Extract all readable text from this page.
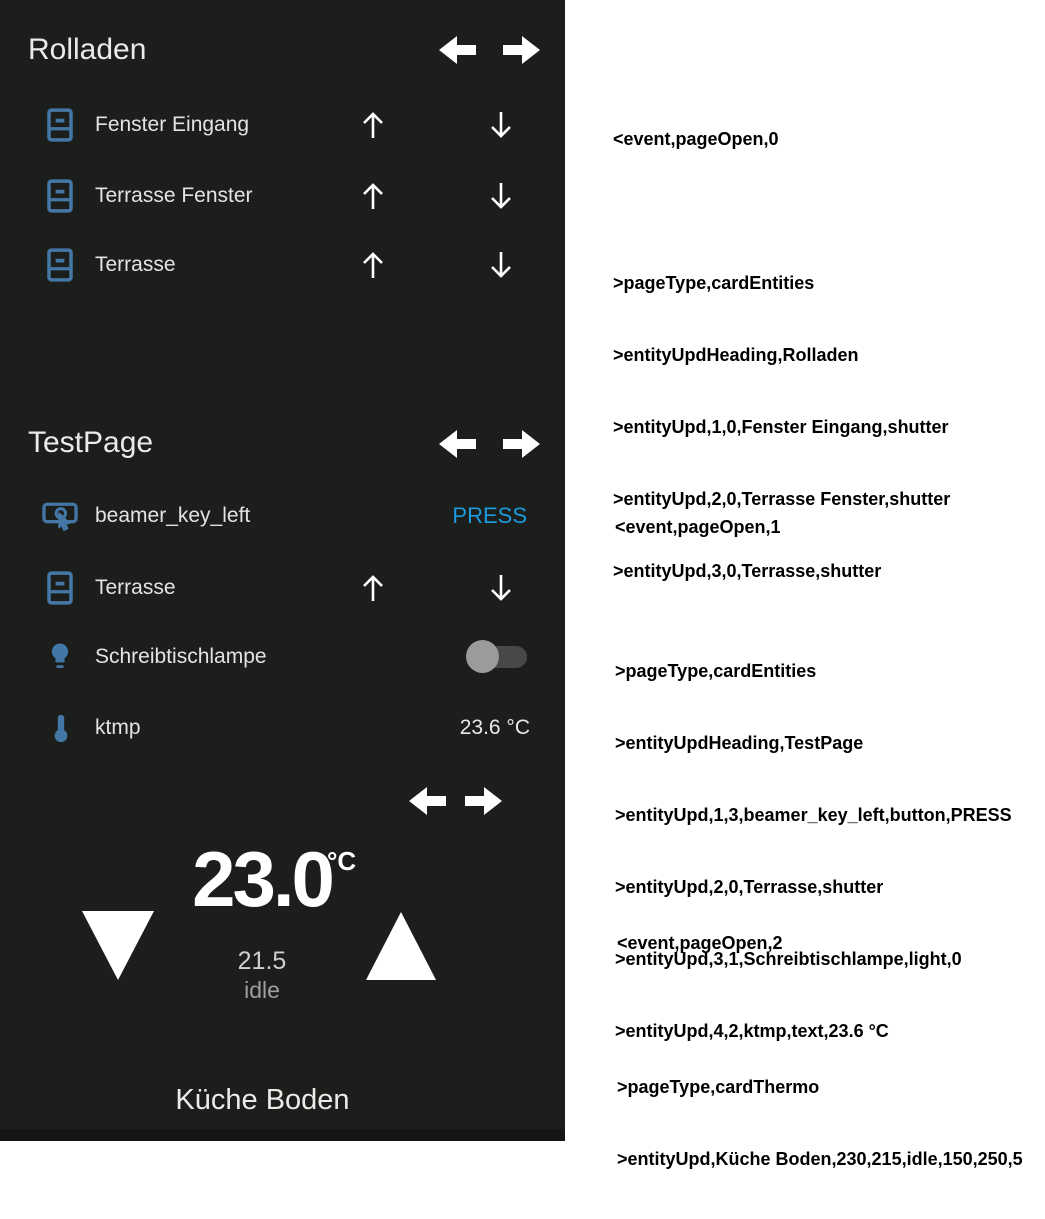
Rolladen
Fenster Eingang
Terrasse Fenster
Terrasse
TestPage
beamer_key_left	PRESS
Terrasse
Schreibtischlampe
ktmp	23.6 °C
23.0
°C
21.5
idle
Küche Boden

<event,pageOpen,0

>pageType,cardEntities

>entityUpdHeading,Rolladen

>entityUpd,1,0,Fenster Eingang,shutter

>entityUpd,2,0,Terrasse Fenster,shutter

>entityUpd,3,0,Terrasse,shutter

<event,pageOpen,1

>pageType,cardEntities

>entityUpdHeading,TestPage

>entityUpd,1,3,beamer_key_left,button,PRESS

>entityUpd,2,0,Terrasse,shutter

>entityUpd,3,1,Schreibtischlampe,light,0

>entityUpd,4,2,ktmp,text,23.6 °C

<event,pageOpen,2

>pageType,cardThermo

>entityUpd,Küche Boden,230,215,idle,150,250,5
